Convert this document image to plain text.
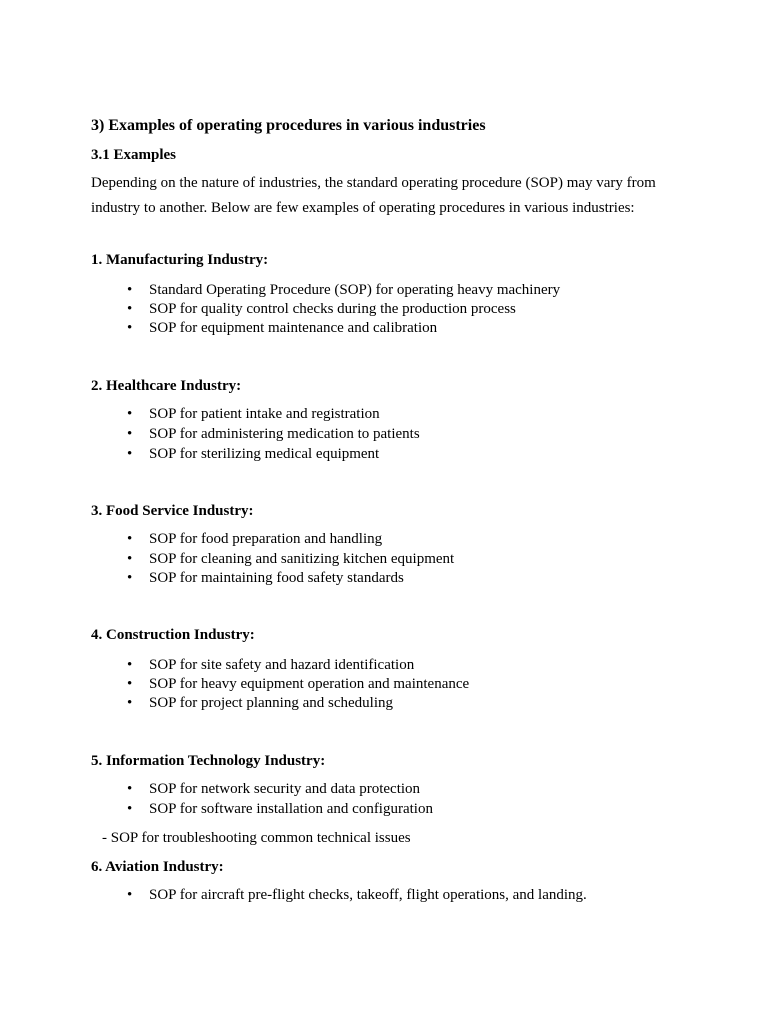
3) Examples of operating procedures in various industries
3.1 Examples
Depending on the nature of industries, the standard operating procedure (SOP) may vary from industry to another. Below are few examples of operating procedures in various industries:
1. Manufacturing Industry:
• Standard Operating Procedure (SOP) for operating heavy machinery
• SOP for quality control checks during the production process
• SOP for equipment maintenance and calibration
2. Healthcare Industry:
• SOP for patient intake and registration
• SOP for administering medication to patients
• SOP for sterilizing medical equipment
3. Food Service Industry:
• SOP for food preparation and handling
• SOP for cleaning and sanitizing kitchen equipment
• SOP for maintaining food safety standards
4. Construction Industry:
• SOP for site safety and hazard identification
• SOP for heavy equipment operation and maintenance
• SOP for project planning and scheduling
5. Information Technology Industry:
• SOP for network security and data protection
• SOP for software installation and configuration
- SOP for troubleshooting common technical issues
6. Aviation Industry:
• SOP for aircraft pre-flight checks, takeoff, flight operations, and landing.
